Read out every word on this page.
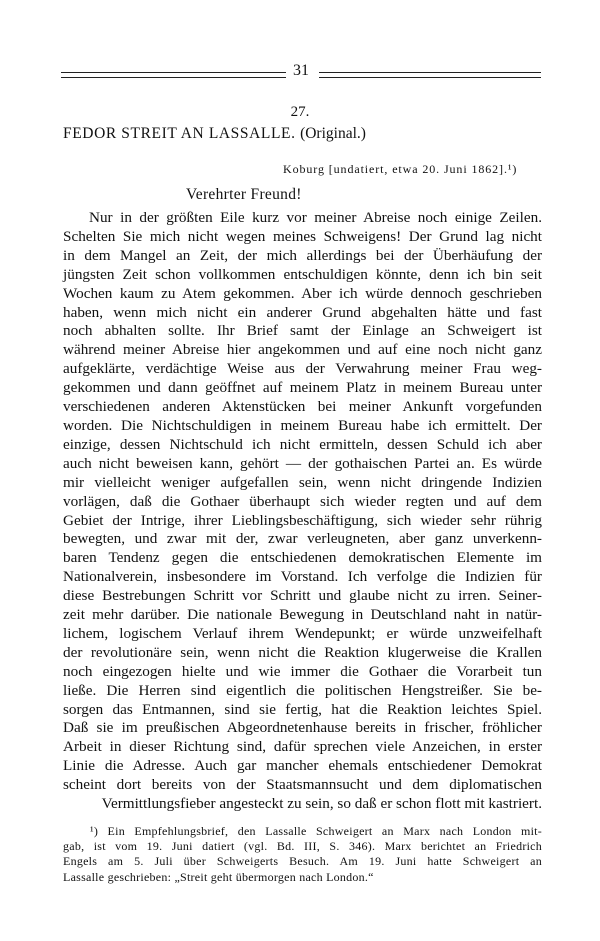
31
27.
FEDOR STREIT AN LASSALLE. (Original.)
Koburg [undatiert, etwa 20. Juni 1862].¹)
Verehrter Freund!
Nur in der größten Eile kurz vor meiner Abreise noch einige Zeilen.
Schelten Sie mich nicht wegen meines Schweigens! Der Grund lag nicht
in dem Mangel an Zeit, der mich allerdings bei der Überhäufung der
jüngsten Zeit schon vollkommen entschuldigen könnte, denn ich bin seit
Wochen kaum zu Atem gekommen. Aber ich würde dennoch geschrieben
haben, wenn mich nicht ein anderer Grund abgehalten hätte und fast
noch abhalten sollte. Ihr Brief samt der Einlage an Schweigert ist
während meiner Abreise hier angekommen und auf eine noch nicht ganz
aufgeklärte, verdächtige Weise aus der Verwahrung meiner Frau weg-
gekommen und dann geöffnet auf meinem Platz in meinem Bureau unter
verschiedenen anderen Aktenstücken bei meiner Ankunft vorgefunden
worden. Die Nichtschuldigen in meinem Bureau habe ich ermittelt. Der
einzige, dessen Nichtschuld ich nicht ermitteln, dessen Schuld ich aber
auch nicht beweisen kann, gehört — der gothaischen Partei an. Es würde
mir vielleicht weniger aufgefallen sein, wenn nicht dringende Indizien
vorlägen, daß die Gothaer überhaupt sich wieder regten und auf dem
Gebiet der Intrige, ihrer Lieblingsbeschäftigung, sich wieder sehr rührig
bewegten, und zwar mit der, zwar verleugneten, aber ganz unverkenn-
baren Tendenz gegen die entschiedenen demokratischen Elemente im
Nationalverein, insbesondere im Vorstand. Ich verfolge die Indizien für
diese Bestrebungen Schritt vor Schritt und glaube nicht zu irren. Seiner-
zeit mehr darüber. Die nationale Bewegung in Deutschland naht in natür-
lichem, logischem Verlauf ihrem Wendepunkt; er würde unzweifelhaft
der revolutionäre sein, wenn nicht die Reaktion klugerweise die Krallen
noch eingezogen hielte und wie immer die Gothaer die Vorarbeit tun
ließe. Die Herren sind eigentlich die politischen Hengstreißer. Sie be-
sorgen das Entmannen, sind sie fertig, hat die Reaktion leichtes Spiel.
Daß sie im preußischen Abgeordnetenhause bereits in frischer, fröhlicher
Arbeit in dieser Richtung sind, dafür sprechen viele Anzeichen, in erster
Linie die Adresse. Auch gar mancher ehemals entschiedener Demokrat
scheint dort bereits von der Staatsmannsucht und dem diplomatischen
Vermittlungsfieber angesteckt zu sein, so daß er schon flott mit kastriert.
¹) Ein Empfehlungsbrief, den Lassalle Schweigert an Marx nach London mit-
gab, ist vom 19. Juni datiert (vgl. Bd. III, S. 346). Marx berichtet an Friedrich
Engels am 5. Juli über Schweigerts Besuch. Am 19. Juni hatte Schweigert an
Lassalle geschrieben: „Streit geht übermorgen nach London.“
